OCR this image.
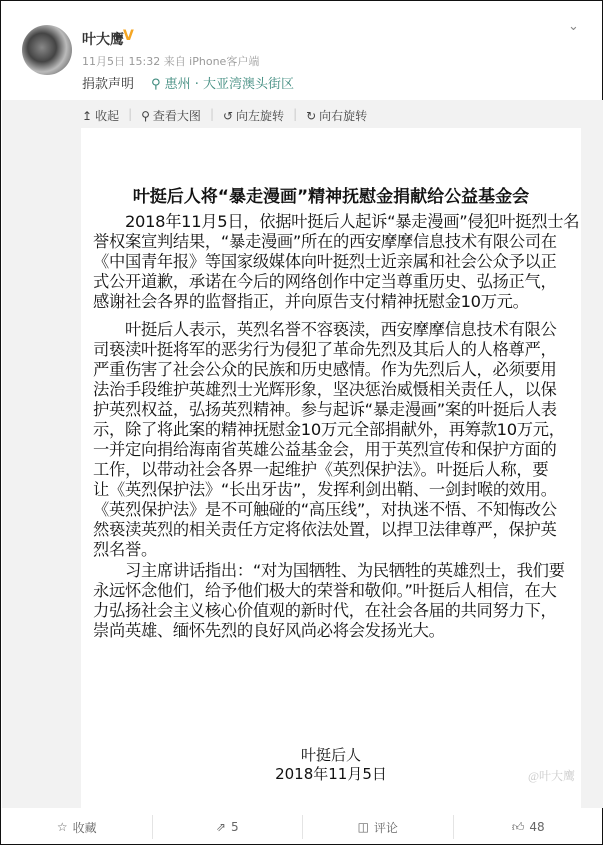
叶大鹰 V
⌄
11月5日 15:32 来自 iPhone客户端
捐款声明 ⚲ 惠州 · 大亚湾澳头街区
↥ 收起 | ⚲ 查看大图 | ↺ 向左旋转 | ↻ 向右旋转
叶挺后人将“暴走漫画”精神抚慰金捐献给公益基金会
　　2018年11月5日，依据叶挺后人起诉“暴走漫画”侵犯叶挺烈士名
誉权案宣判结果，“暴走漫画”所在的西安摩摩信息技术有限公司在
《中国青年报》等国家级媒体向叶挺烈士近亲属和社会公众予以正
式公开道歉，承诺在今后的网络创作中定当尊重历史、弘扬正气，
感谢社会各界的监督指正，并向原告支付精神抚慰金10万元。
　　叶挺后人表示，英烈名誉不容亵渎，西安摩摩信息技术有限公
司亵渎叶挺将军的恶劣行为侵犯了革命先烈及其后人的人格尊严，
严重伤害了社会公众的民族和历史感情。作为先烈后人，必须要用
法治手段维护英雄烈士光辉形象，坚决惩治威慑相关责任人，以保
护英烈权益，弘扬英烈精神。参与起诉“暴走漫画”案的叶挺后人表
示，除了将此案的精神抚慰金10万元全部捐献外，再筹款10万元，
一并定向捐给海南省英雄公益基金会，用于英烈宣传和保护方面的
工作，以带动社会各界一起维护《英烈保护法》。叶挺后人称，要
让《英烈保护法》“长出牙齿”，发挥利剑出鞘、一剑封喉的效用。
《英烈保护法》是不可触碰的“高压线”，对执迷不悟、不知悔改公
然亵渎英烈的相关责任方定将依法处置，以捍卫法律尊严，保护英
烈名誉。
　　习主席讲话指出：“对为国牺牲、为民牺牲的英雄烈士，我们要
永远怀念他们，给予他们极大的荣誉和敬仰。”叶挺后人相信，在大
力弘扬社会主义核心价值观的新时代，在社会各届的共同努力下，
崇尚英雄、缅怀先烈的良好风尚必将会发扬光大。
叶挺后人
2018年11月5日	@叶大鹰
☆ 收藏	⇗ 5	◫ 评论	👍︎ 48
